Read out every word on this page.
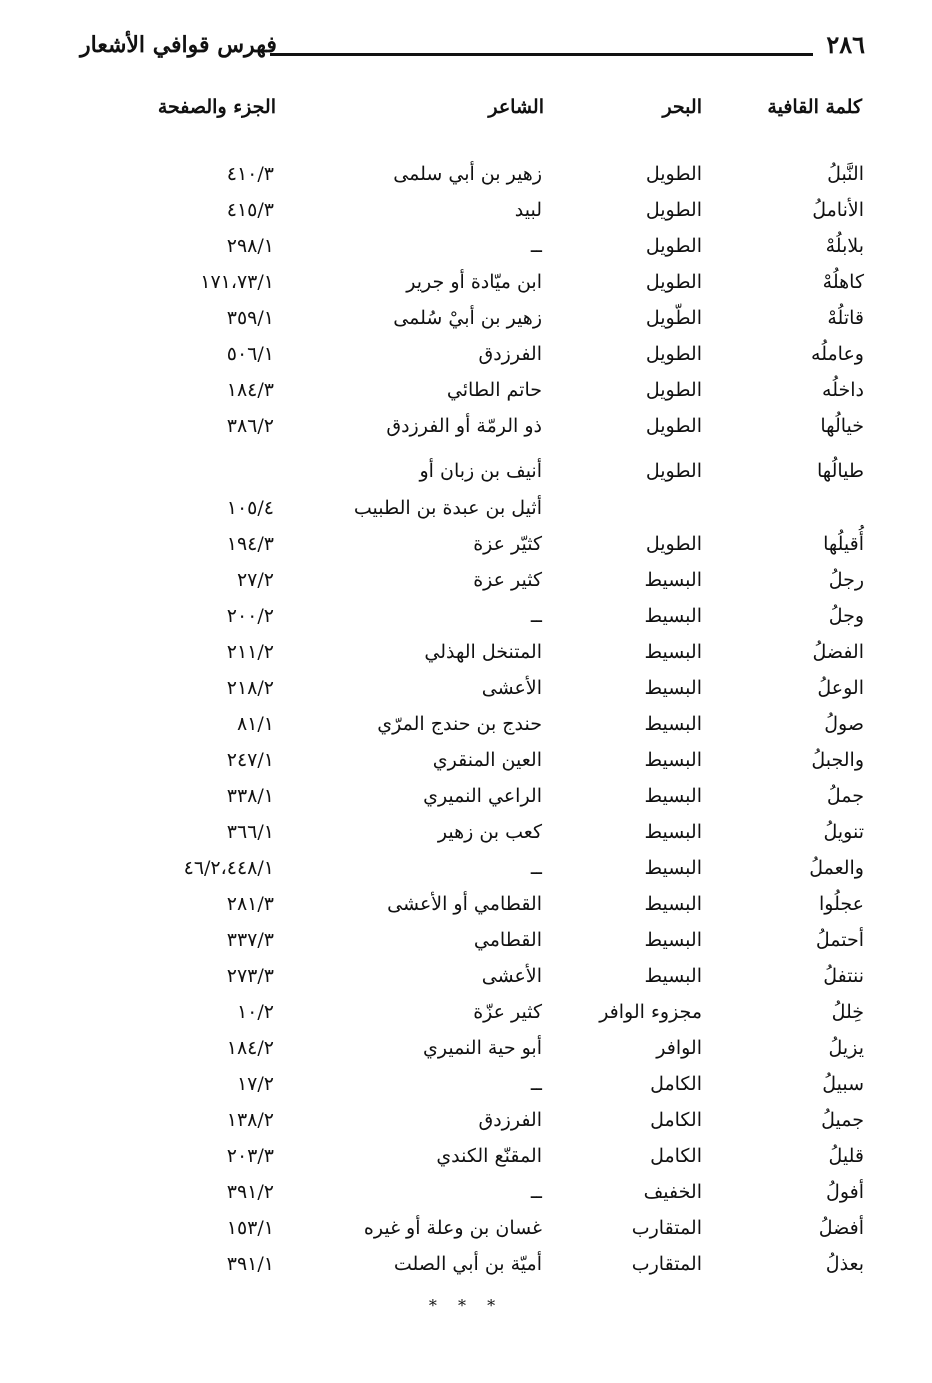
٢٨٦
فهرس قوافي الأشعار
كلمة القافية
البحر
الشاعر
الجزء والصفحة
النَّبلُ
الطويل
زهير بن أبي سلمى
٤١٠/٣
الأناملُ
الطويل
لبيد
٤١٥/٣
بلابلُهْ
الطويل
ــ
٢٩٨/١
كاهلُهْ
الطويل
ابن ميّادة أو جرير
١٧١،٧٣/١
قاتلُهْ
الطّويل
زهير بن أبيْ سُلمى
٣٥٩/١
وعاملُه
الطويل
الفرزدق
٥٠٦/١
داخلُه
الطويل
حاتم الطائي
١٨٤/٣
خيالُها
الطويل
ذو الرمّة أو الفرزدق
٣٨٦/٢
طيالُها
الطويل
أنيف بن زبان أو
أثيل بن عبدة بن الطبيب
١٠٥/٤
أُقيلُها
الطويل
كثيّر عزة
١٩٤/٣
رجلُ
البسيط
كثير عزة
٢٧/٢
وجلُ
البسيط
ــ
٢٠٠/٢
الفضلُ
البسيط
المتنخل الهذلي
٢١١/٢
الوعلُ
البسيط
الأعشى
٢١٨/٢
صولُ
البسيط
حندج بن حندج المرّي
٨١/١
والجبلُ
البسيط
العين المنقري
٢٤٧/١
جملُ
البسيط
الراعي النميري
٣٣٨/١
تنويلُ
البسيط
كعب بن زهير
٣٦٦/١
والعملُ
البسيط
ــ
٤٦/٢،٤٤٨/١
عجلُوا
البسيط
القطامي أو الأعشى
٢٨١/٣
أحتملُ
البسيط
القطامي
٣٣٧/٣
ننتفلُ
البسيط
الأعشى
٢٧٣/٣
خِللُ
مجزوء الوافر
كثير عزّة
١٠/٢
يزيلُ
الوافر
أبو حية النميري
١٨٤/٢
سبيلُ
الكامل
ــ
١٧/٢
جميلُ
الكامل
الفرزدق
١٣٨/٢
قليلُ
الكامل
المقنّع الكندي
٢٠٣/٣
أفولُ
الخفيف
ــ
٣٩١/٢
أفضلُ
المتقارب
غسان بن وعلة أو غيره
١٥٣/١
بعذلُ
المتقارب
أميّة بن أبي الصلت
٣٩١/١
* * *
